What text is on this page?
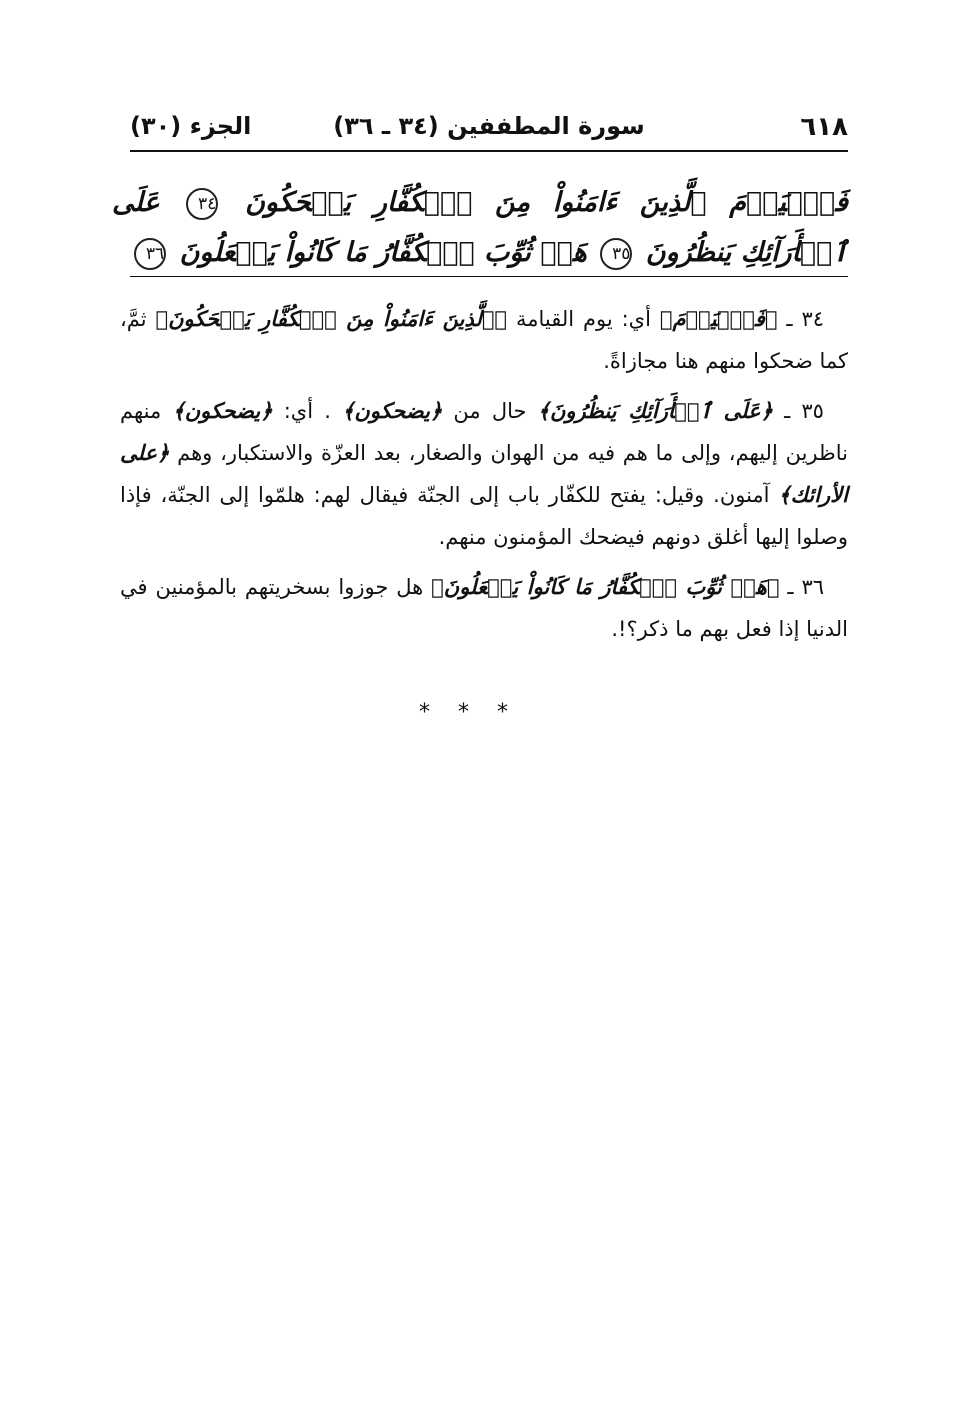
٦١٨
سورة المطففين (٣٤ ـ ٣٦)
الجزء (٣٠)
فَٱلۡيَوۡمَ ٱلَّذِينَ ءَامَنُواْ مِنَ ٱلۡكُفَّارِ يَضۡحَكُونَ ٣٤ عَلَى ٱلۡأَرَآئِكِ يَنظُرُونَ ٣٥ هَلۡ ثُوِّبَ ٱلۡكُفَّارُ مَا كَانُواْ يَفۡعَلُونَ ٣٦

٣٤ ـ ﴿فَٱلۡيَوۡمَ﴾ أي: يوم القيامة ﴿ٱلَّذِينَ ءَامَنُواْ مِنَ ٱلۡكُفَّارِ يَضۡحَكُونَ﴾ ثمَّ، كما ضحكوا منهم هنا مجازاةً.

٣٥ ـ ﴿عَلَى ٱلۡأَرَآئِكِ يَنظُرُونَ﴾ حال من ﴿يضحكون﴾ . أي: ﴿يضحكون﴾ منهم ناظرين إليهم، وإلى ما هم فيه من الهوان والصغار، بعد العزّة والاستكبار، وهم ﴿على الأرائك﴾ آمنون. وقيل: يفتح للكفّار باب إلى الجنّة فيقال لهم: هلمّوا إلى الجنّة، فإذا وصلوا إليها أغلق دونهم فيضحك المؤمنون منهم.

٣٦ ـ ﴿هَلۡ ثُوِّبَ ٱلۡكُفَّارُ مَا كَانُواْ يَفۡعَلُونَ﴾ هل جوزوا بسخريتهم بالمؤمنين في الدنيا إذا فعل بهم ما ذكر؟!.

***
